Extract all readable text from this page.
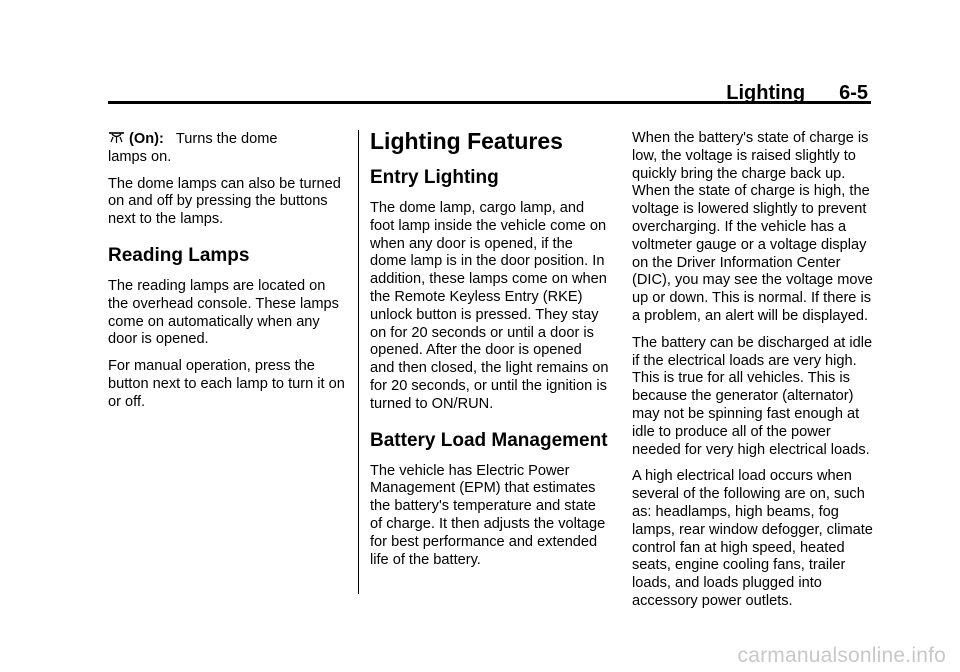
Lighting 6-5

(On): Turns the dome

lamps on.

The dome lamps can also be turned on and off by pressing the buttons next to the lamps.

Reading Lamps

The reading lamps are located on the overhead console. These lamps come on automatically when any door is opened.

For manual operation, press the button next to each lamp to turn it on or off.

Lighting Features
Entry Lighting

The dome lamp, cargo lamp, and foot lamp inside the vehicle come on when any door is opened, if the dome lamp is in the door position. In addition, these lamps come on when the Remote Keyless Entry (RKE) unlock button is pressed. They stay on for 20 seconds or until a door is opened. After the door is opened and then closed, the light remains on for 20 seconds, or until the ignition is turned to ON/RUN.

Battery Load Management

The vehicle has Electric Power Management (EPM) that estimates the battery's temperature and state of charge. It then adjusts the voltage for best performance and extended life of the battery.

When the battery's state of charge is low, the voltage is raised slightly to quickly bring the charge back up. When the state of charge is high, the voltage is lowered slightly to prevent overcharging. If the vehicle has a voltmeter gauge or a voltage display on the Driver Information Center (DIC), you may see the voltage move up or down. This is normal. If there is a problem, an alert will be displayed.

The battery can be discharged at idle if the electrical loads are very high. This is true for all vehicles. This is because the generator (alternator) may not be spinning fast enough at idle to produce all of the power needed for very high electrical loads.

A high electrical load occurs when several of the following are on, such as: headlamps, high beams, fog lamps, rear window defogger, climate control fan at high speed, heated seats, engine cooling fans, trailer loads, and loads plugged into accessory power outlets.

carmanualsonline.info
